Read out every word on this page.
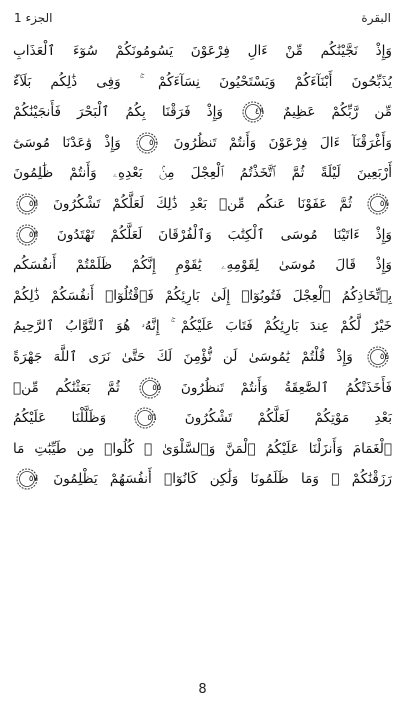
الجزء 1	البقرة
وَإِذْ نَجَّيْنَٰكُم مِّنْ ءَالِ فِرْعَوْنَ يَسُومُونَكُمْ سُوٓءَ ٱلْعَذَابِ
يُذَبِّحُونَ أَبْنَآءَكُمْ وَيَسْتَحْيُونَ نِسَآءَكُمْ ۚ وَفِى ذَٰلِكُم بَلَآءٌ
مِّن رَّبِّكُمْ عَظِيمٌ
٤٩
وَإِذْ فَرَقْنَا بِكُمُ ٱلْبَحْرَ فَأَنجَيْنَٰكُمْ
وَأَغْرَقْنَآ ءَالَ فِرْعَوْنَ وَأَنتُمْ تَنظُرُونَ
٥٠
وَإِذْ وَٰعَدْنَا مُوسَىٰٓ
أَرْبَعِينَ لَيْلَةً ثُمَّ ٱتَّخَذْتُمُ ٱلْعِجْلَ مِنۢ بَعْدِهِۦ وَأَنتُمْ ظَٰلِمُونَ
٥١
ثُمَّ عَفَوْنَا عَنكُم مِّنۢ بَعْدِ ذَٰلِكَ لَعَلَّكُمْ تَشْكُرُونَ
٥٢
وَإِذْ ءَاتَيْنَا مُوسَى ٱلْكِتَٰبَ وَٱلْفُرْقَانَ لَعَلَّكُمْ تَهْتَدُونَ
٥٣
وَإِذْ قَالَ مُوسَىٰ لِقَوْمِهِۦ يَٰقَوْمِ إِنَّكُمْ ظَلَمْتُمْ أَنفُسَكُم
بِٱتِّخَاذِكُمُ ٱلْعِجْلَ فَتُوبُوٓا۟ إِلَىٰ بَارِئِكُمْ فَٱقْتُلُوٓا۟ أَنفُسَكُمْ ذَٰلِكُمْ
خَيْرٌ لَّكُمْ عِندَ بَارِئِكُمْ فَتَابَ عَلَيْكُمْ ۚ إِنَّهُۥ هُوَ ٱلتَّوَّابُ ٱلرَّحِيمُ
٥٤
وَإِذْ قُلْتُمْ يَٰمُوسَىٰ لَن نُّؤْمِنَ لَكَ حَتَّىٰ نَرَى ٱللَّهَ جَهْرَةً
فَأَخَذَتْكُمُ ٱلصَّٰعِقَةُ وَأَنتُمْ تَنظُرُونَ
٥٥
ثُمَّ بَعَثْنَٰكُم مِّنۢ
بَعْدِ مَوْتِكُمْ لَعَلَّكُمْ تَشْكُرُونَ
٥٦
وَظَلَّلْنَا عَلَيْكُمُ
ٱلْغَمَامَ وَأَنزَلْنَا عَلَيْكُمُ ٱلْمَنَّ وَٱلسَّلْوَىٰ ۖ كُلُوا۟ مِن طَيِّبَٰتِ مَا
رَزَقْنَٰكُمْ ۖ وَمَا ظَلَمُونَا وَلَٰكِن كَانُوٓا۟ أَنفُسَهُمْ يَظْلِمُونَ
٥٧
8
